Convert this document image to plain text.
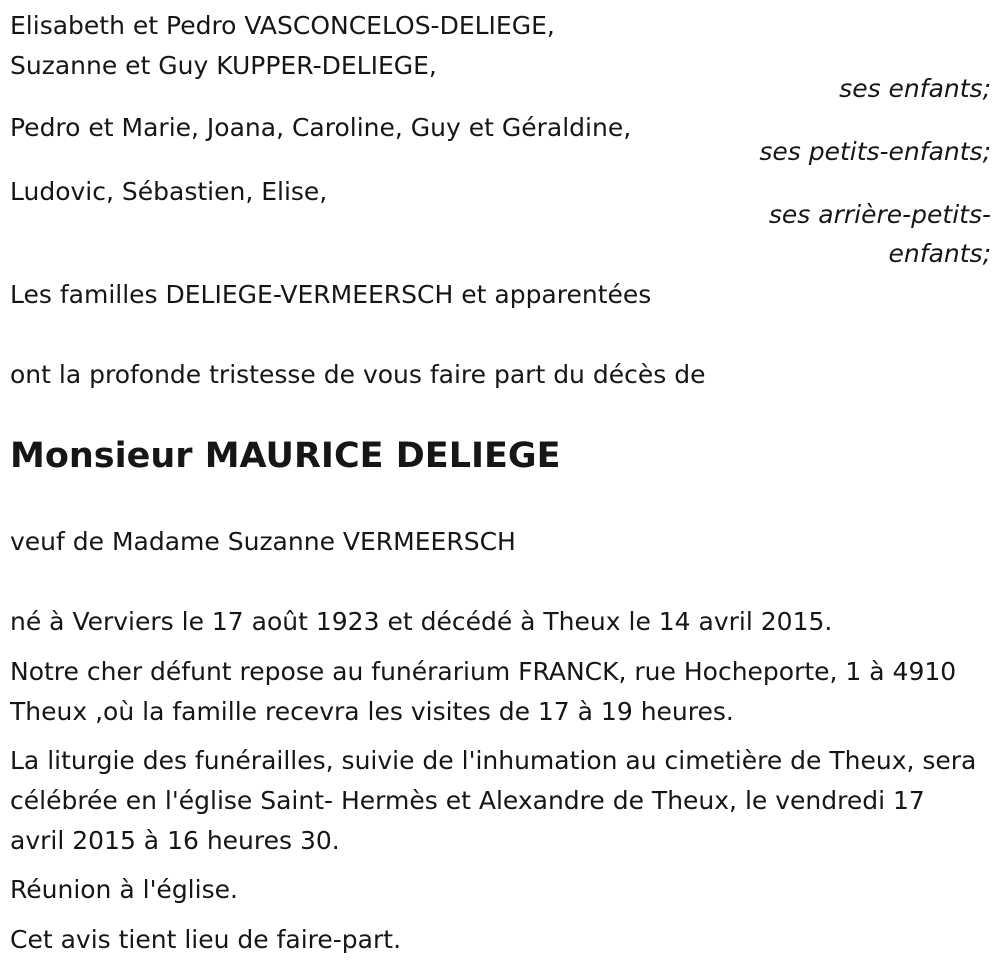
Elisabeth et Pedro VASCONCELOS-DELIEGE,
Suzanne et Guy KUPPER-DELIEGE,
ses enfants;
Pedro et Marie, Joana, Caroline, Guy et Géraldine,
ses petits-enfants;
Ludovic, Sébastien, Elise,
ses arrière-petits-
enfants;
Les familles DELIEGE-VERMEERSCH et apparentées
ont la profonde tristesse de vous faire part du décès de
Monsieur MAURICE DELIEGE
veuf de Madame Suzanne VERMEERSCH
né à Verviers le 17 août 1923 et décédé à Theux le 14 avril 2015.
Notre cher défunt repose au funérarium FRANCK, rue Hocheporte, 1 à 4910 Theux ,où la famille recevra les visites de 17 à 19 heures.
La liturgie des funérailles, suivie de l'inhumation au cimetière de Theux, sera célébrée en l'église Saint- Hermès et Alexandre de Theux, le vendredi 17 avril 2015 à 16 heures 30.
Réunion à l'église.
Cet avis tient lieu de faire-part.
